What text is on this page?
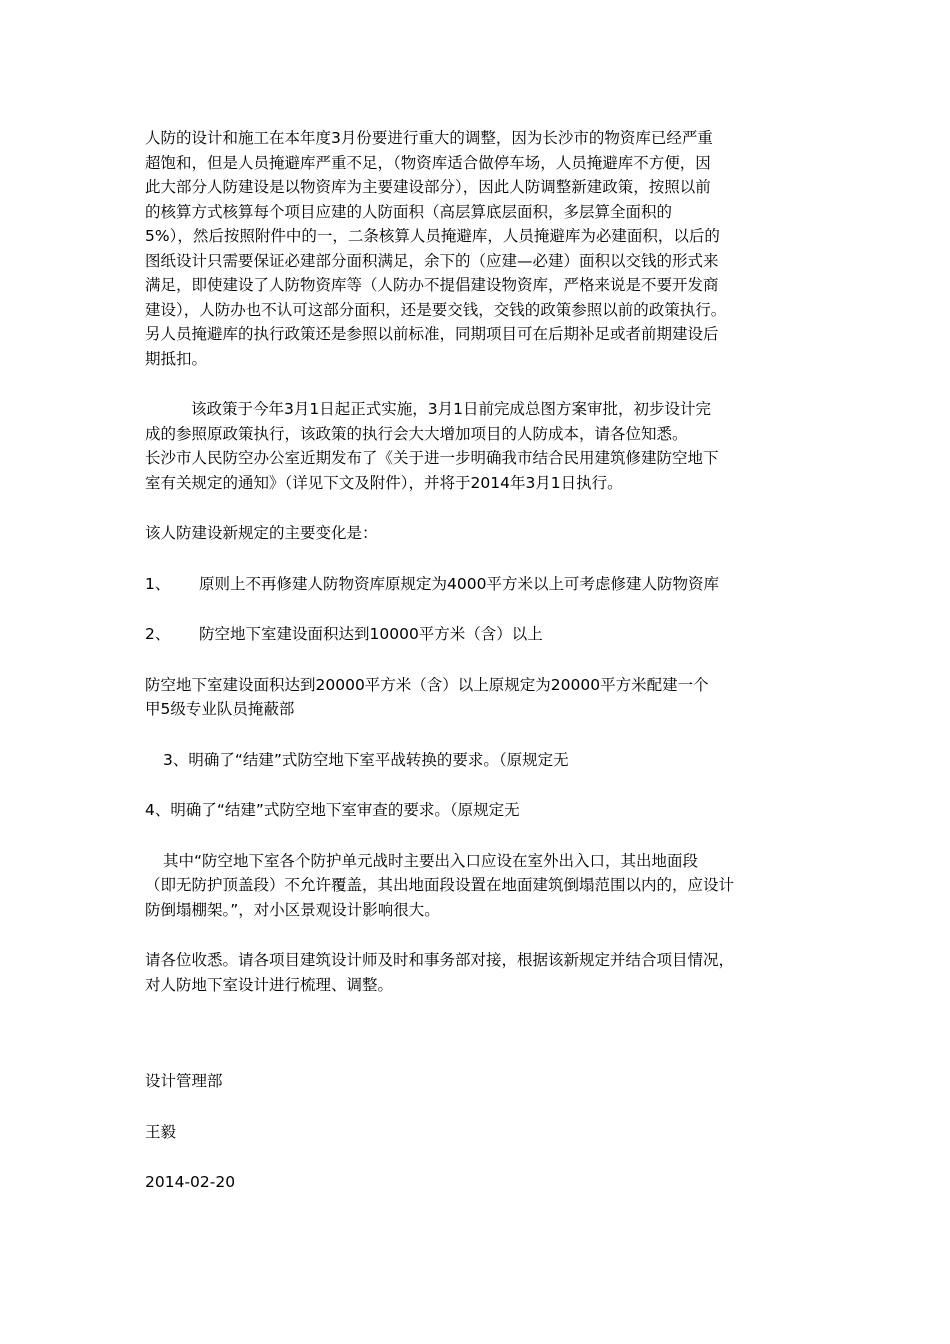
人防的设计和施工在本年度3月份要进行重大的调整，因为长沙市的物资库已经严重
超饱和，但是人员掩避库严重不足，（物资库适合做停车场，人员掩避库不方便，因
此大部分人防建设是以物资库为主要建设部分），因此人防调整新建政策，按照以前
的核算方式核算每个项目应建的人防面积（高层算底层面积，多层算全面积的
5%），然后按照附件中的一，二条核算人员掩避库，人员掩避库为必建面积，以后的
图纸设计只需要保证必建部分面积满足，余下的（应建—必建）面积以交钱的形式来
满足，即使建设了人防物资库等（人防办不提倡建设物资库，严格来说是不要开发商
建设），人防办也不认可这部分面积，还是要交钱，交钱的政策参照以前的政策执行。
另人员掩避库的执行政策还是参照以前标准，同期项目可在后期补足或者前期建设后
期抵扣。

该政策于今年3月1日起正式实施，3月1日前完成总图方案审批，初步设计完
成的参照原政策执行，该政策的执行会大大增加项目的人防成本，请各位知悉。

长沙市人民防空办公室近期发布了《关于进一步明确我市结合民用建筑修建防空地下
室有关规定的通知》（详见下文及附件），并将于2014年3月1日执行。

该人防建设新规定的主要变化是：

1、	原则上不再修建人防物资库原规定为4000平方米以上可考虑修建人防物资库
2、	防空地下室建设面积达到10000平方米（含）以上

防空地下室建设面积达到20000平方米（含）以上原规定为20000平方米配建一个
甲5级专业队员掩蔽部

3、明确了“结建”式防空地下室平战转换的要求。（原规定无

4、明确了“结建”式防空地下室审查的要求。（原规定无

其中“防空地下室各个防护单元战时主要出入口应设在室外出入口，其出地面段
（即无防护顶盖段）不允许覆盖，其出地面段设置在地面建筑倒塌范围以内的，应设计
防倒塌棚架。”，对小区景观设计影响很大。

请各位收悉。请各项目建筑设计师及时和事务部对接，根据该新规定并结合项目情况，
对人防地下室设计进行梳理、调整。

设计管理部

王毅

2014-02-20
